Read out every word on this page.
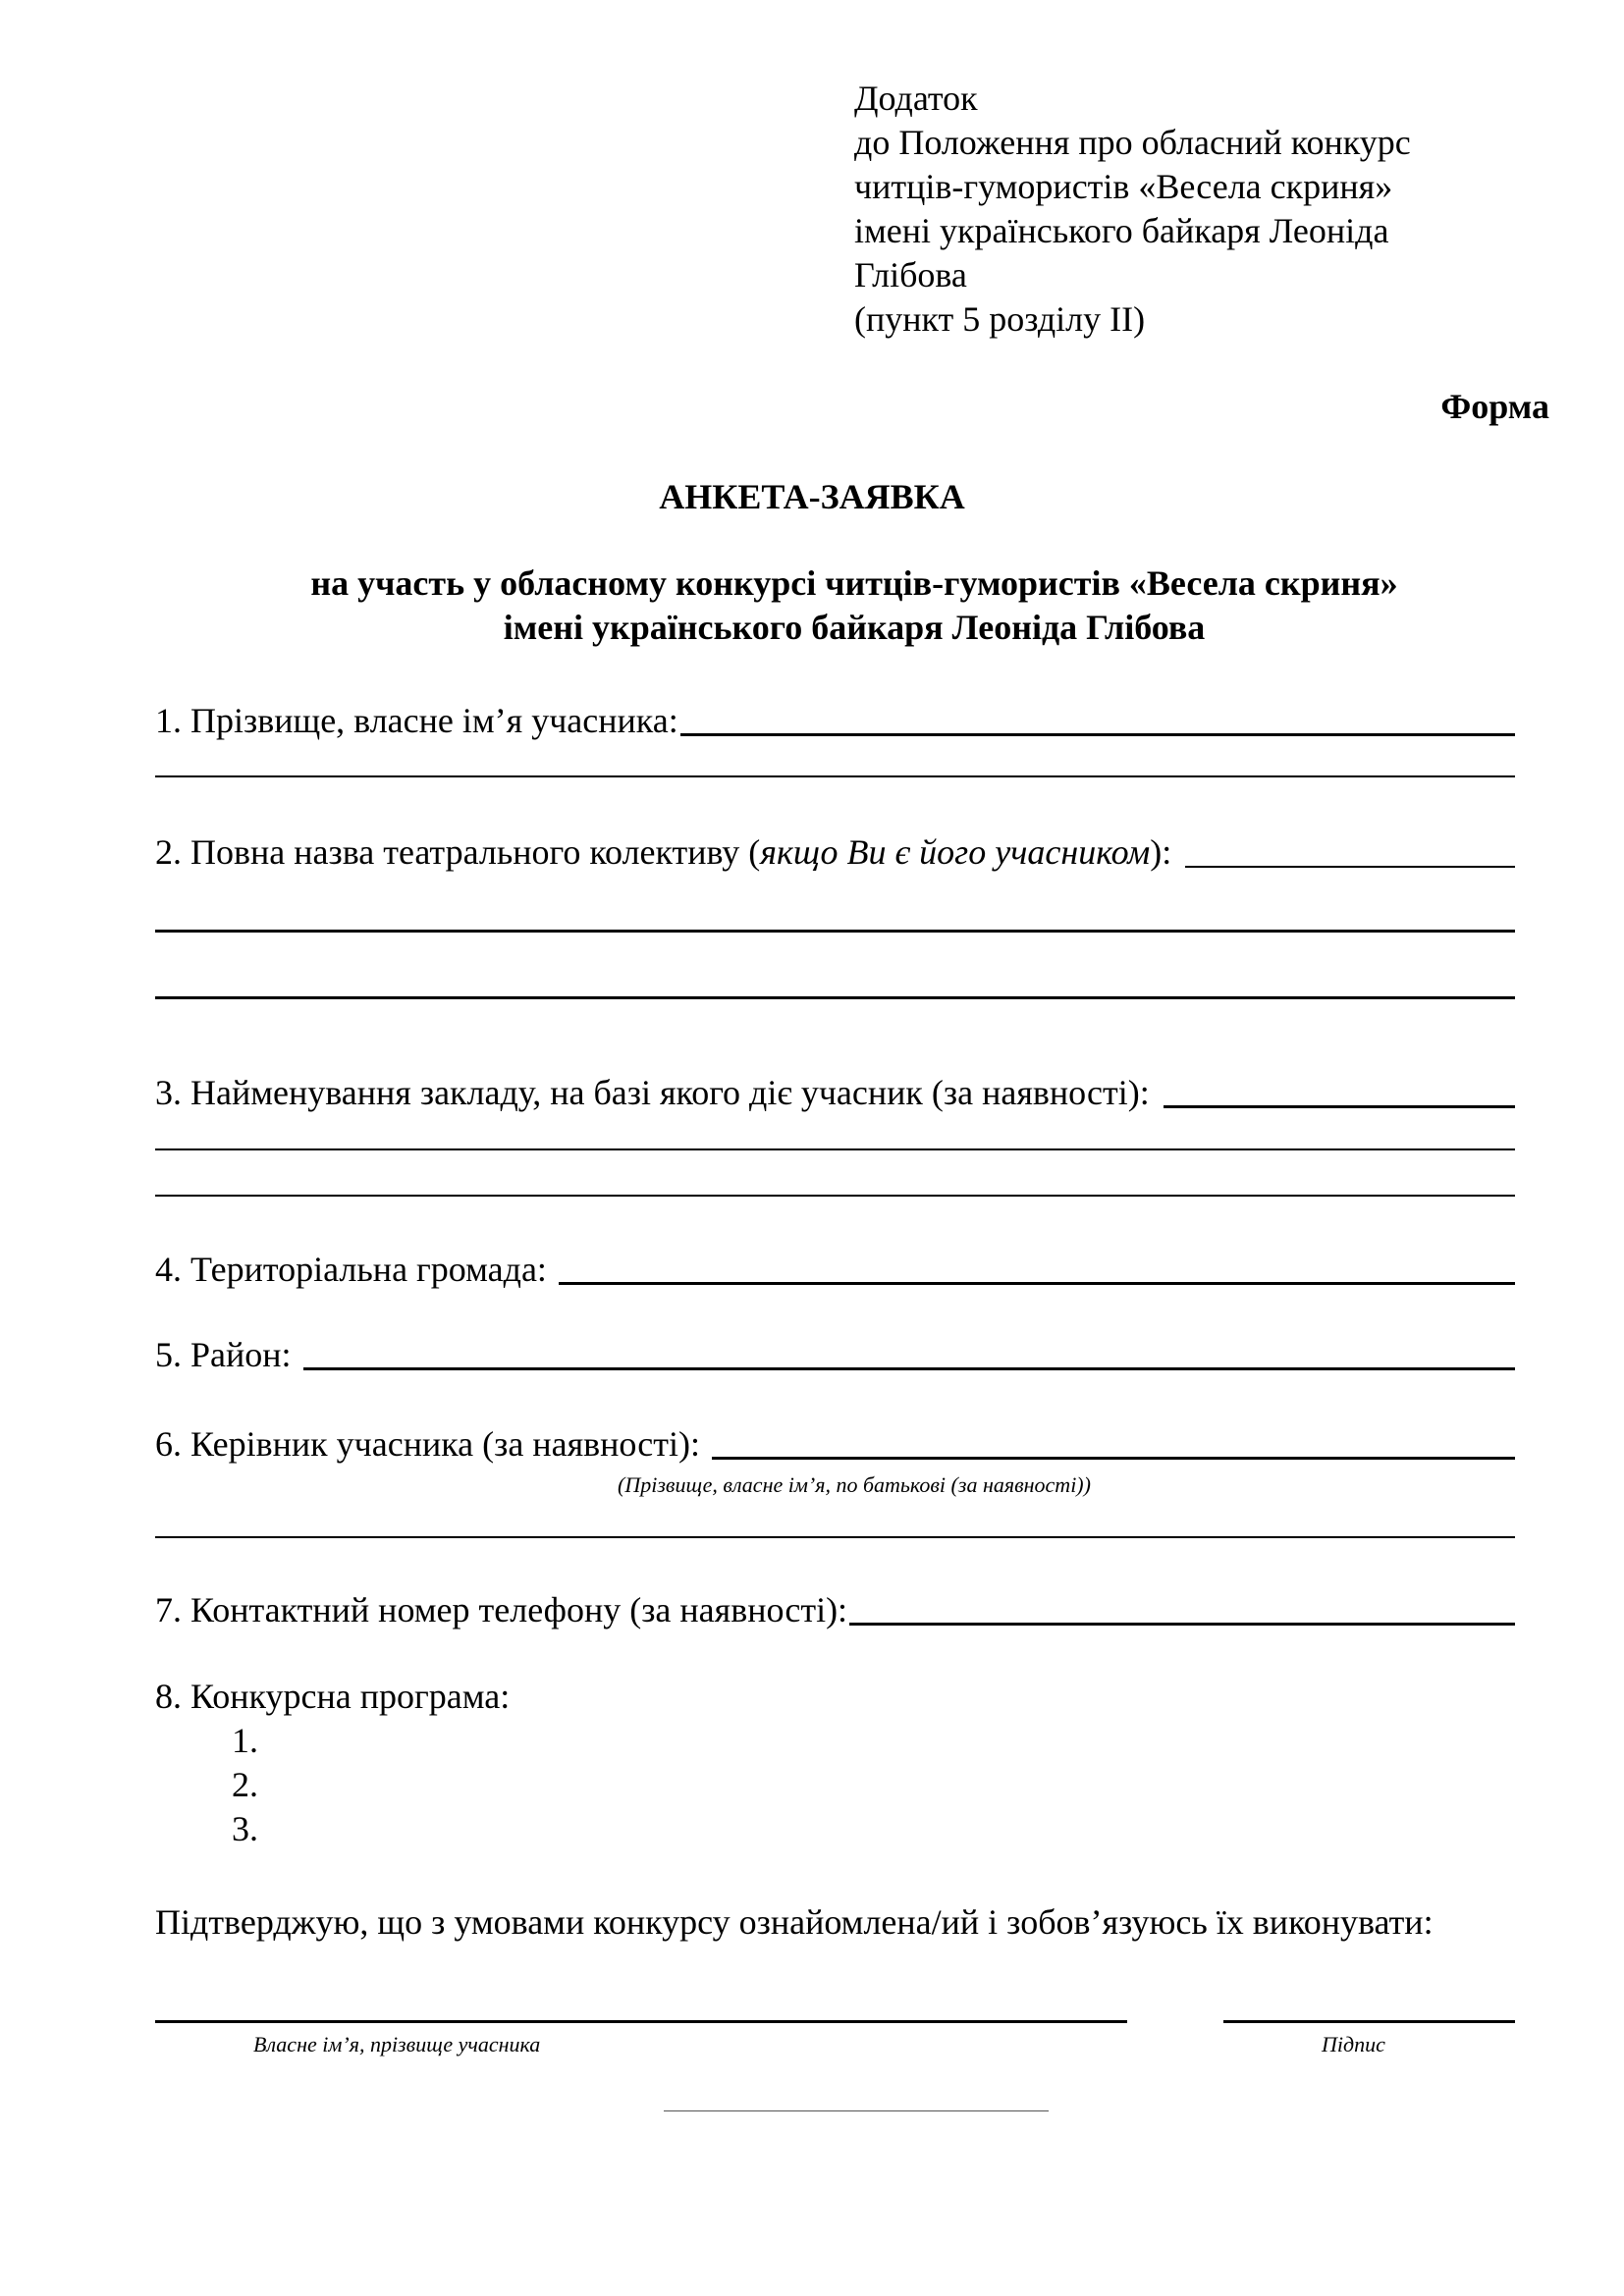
Додаток
до Положення про обласний конкурс
читців-гумористів «Весела скриня»
імені українського байкаря Леоніда
Глібова
(пункт 5 розділу ІІ)
Форма
АНКЕТА-ЗАЯВКА
на участь у обласному конкурсі читців-гумористів «Весела скриня»
імені українського байкаря Леоніда Глібова
1. Прізвище, власне ім’я учасника:
2. Повна назва театрального колективу (якщо Ви є його учасником):
3. Найменування закладу, на базі якого діє учасник (за наявності):
4. Територіальна громада:
5. Район:
6. Керівник учасника (за наявності):
(Прізвище, власне ім’я, по батькові (за наявності))
7. Контактний номер телефону (за наявності):
8. Конкурсна програма:
1.
2.
3.
Підтверджую, що з умовами конкурсу ознайомлена/ий і зобов’язуюсь їх виконувати:
Власне ім’я, прізвище учасника	Підпис
